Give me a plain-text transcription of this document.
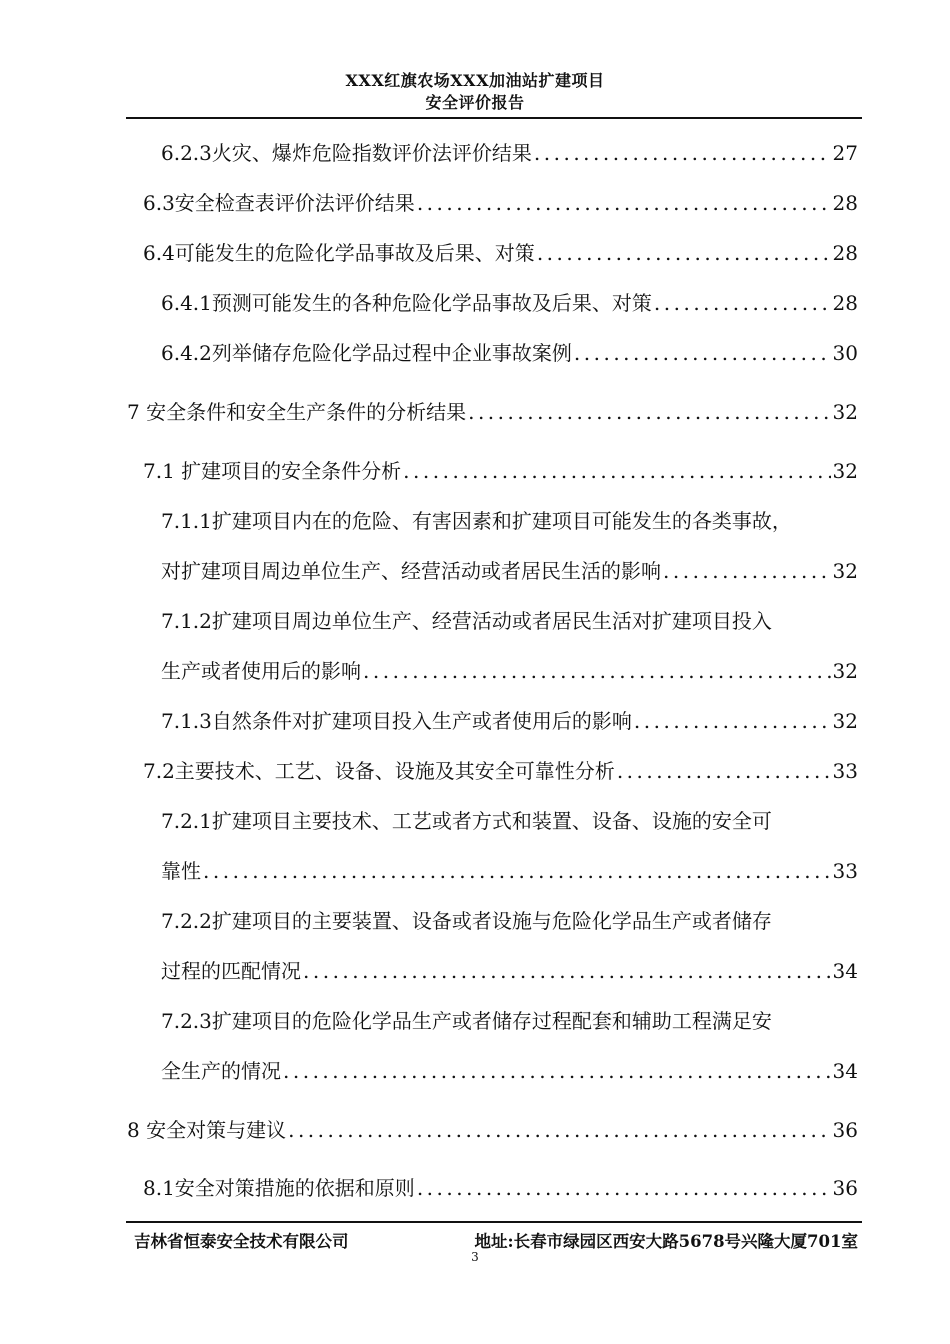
XXX红旗农场XXX加油站扩建项目
安全评价报告
6.2.3火灾、爆炸危险指数评价法评价结果 .....	27
6.3安全检查表评价法评价结果 .....	28
6.4可能发生的危险化学品事故及后果、对策 .....	28
6.4.1预测可能发生的各种危险化学品事故及后果、对策 .....	28
6.4.2列举储存危险化学品过程中企业事故案例 .....	30
7 安全条件和安全生产条件的分析结果 .....	32
7.1 扩建项目的安全条件分析 .....	32
7.1.1扩建项目内在的危险、有害因素和扩建项目可能发生的各类事故，
对扩建项目周边单位生产、经营活动或者居民生活的影响 .....	32
7.1.2扩建项目周边单位生产、经营活动或者居民生活对扩建项目投入
生产或者使用后的影响 .....	32
7.1.3自然条件对扩建项目投入生产或者使用后的影响 .....	32
7.2主要技术、工艺、设备、设施及其安全可靠性分析 .....	33
7.2.1扩建项目主要技术、工艺或者方式和装置、设备、设施的安全可
靠性 .....	33
7.2.2扩建项目的主要装置、设备或者设施与危险化学品生产或者储存
过程的匹配情况 .....	34
7.2.3扩建项目的危险化学品生产或者储存过程配套和辅助工程满足安
全生产的情况 .....	34
8 安全对策与建议 .....	36
8.1安全对策措施的依据和原则 .....	36
吉林省恒泰安全技术有限公司	地址:长春市绿园区西安大路5678号兴隆大厦701室
3
